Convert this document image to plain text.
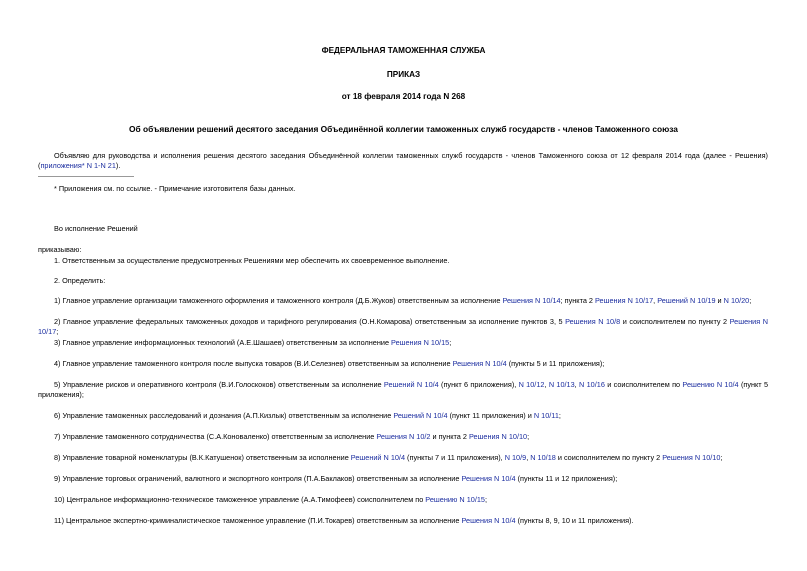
ФЕДЕРАЛЬНАЯ ТАМОЖЕННАЯ СЛУЖБА
ПРИКАЗ
от 18 февраля 2014 года N 268
Об объявлении решений десятого заседания Объединённой коллегии таможенных служб государств - членов Таможенного союза
Объявляю для руководства и исполнения решения десятого заседания Объединённой коллегии таможенных служб государств - членов Таможенного союза от 12 февраля 2014 года (далее - Решения) (приложения* N 1-N 21).
* Приложения см. по ссылке. - Примечание изготовителя базы данных.
Во исполнение Решений
приказываю:
1. Ответственным за осуществление предусмотренных Решениями мер обеспечить их своевременное выполнение.
2. Определить:
1) Главное управление организации таможенного оформления и таможенного контроля (Д.Б.Жуков) ответственным за исполнение Решения N 10/14; пункта 2 Решения N 10/17, Решений N 10/19 и N 10/20;
2) Главное управление федеральных таможенных доходов и тарифного регулирования (О.Н.Комарова) ответственным за исполнение пунктов 3, 5 Решения N 10/8 и соисполнителем по пункту 2 Решения N 10/17;
3) Главное управление информационных технологий (А.Е.Шашаев) ответственным за исполнение Решения N 10/15;
4) Главное управление таможенного контроля после выпуска товаров (В.И.Селезнев) ответственным за исполнение Решения N 10/4 (пункты 5 и 11 приложения);
5) Управление рисков и оперативного контроля (В.И.Голоскоков) ответственным за исполнение Решений N 10/4 (пункт 6 приложения), N 10/12, N 10/13, N 10/16 и соисполнителем по Решению N 10/4 (пункт 5 приложения);
6) Управление таможенных расследований и дознания (А.П.Кизлык) ответственным за исполнение Решений N 10/4 (пункт 11 приложения) и N 10/11;
7) Управление таможенного сотрудничества (С.А.Коноваленко) ответственным за исполнение Решения N 10/2 и пункта 2 Решения N 10/10;
8) Управление товарной номенклатуры (В.К.Катушенок) ответственным за исполнение Решений N 10/4 (пункты 7 и 11 приложения), N 10/9, N 10/18 и соисполнителем по пункту 2 Решения N 10/10;
9) Управление торговых ограничений, валютного и экспортного контроля (П.А.Баклаков) ответственным за исполнение Решения N 10/4 (пункты 11 и 12 приложения);
10) Центральное информационно-техническое таможенное управление (А.А.Тимофеев) соисполнителем по Решению N 10/15;
11) Центральное экспертно-криминалистическое таможенное управление (П.И.Токарев) ответственным за исполнение Решения N 10/4 (пункты 8, 9, 10 и 11 приложения).
